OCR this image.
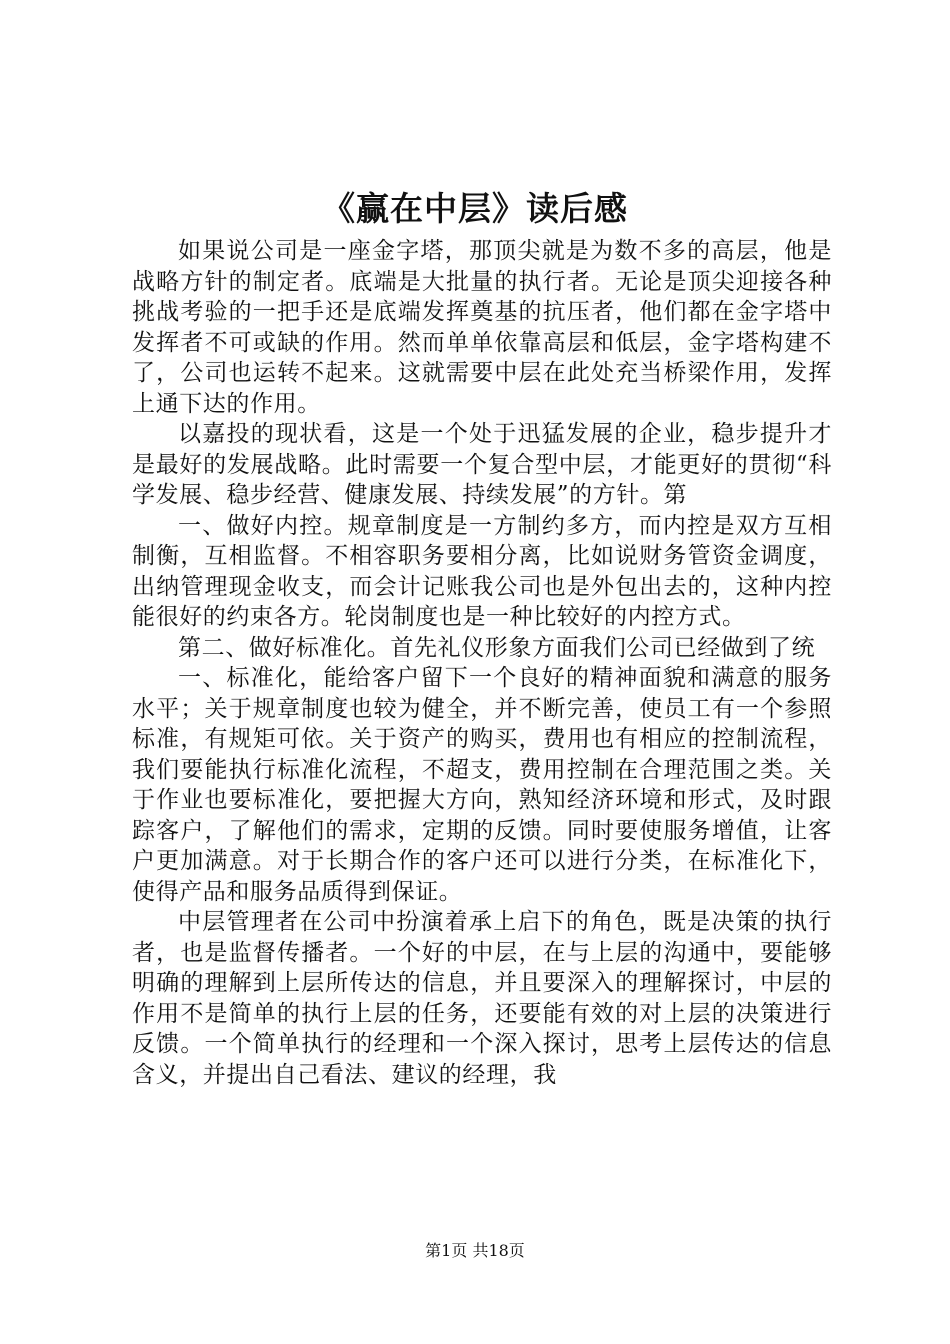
《赢在中层》读后感

如果说公司是一座金字塔，那顶尖就是为数不多的高层，他是战略方针的制定者。底端是大批量的执行者。无论是顶尖迎接各种挑战考验的一把手还是底端发挥奠基的抗压者，他们都在金字塔中发挥者不可或缺的作用。然而单单依靠高层和低层，金字塔构建不了，公司也运转不起来。这就需要中层在此处充当桥梁作用，发挥上通下达的作用。

以嘉投的现状看，这是一个处于迅猛发展的企业，稳步提升才是最好的发展战略。此时需要一个复合型中层，才能更好的贯彻“科学发展、稳步经营、健康发展、持续发展”的方针。第

一、做好内控。规章制度是一方制约多方，而内控是双方互相制衡，互相监督。不相容职务要相分离，比如说财务管资金调度，出纳管理现金收支，而会计记账我公司也是外包出去的，这种内控能很好的约束各方。轮岗制度也是一种比较好的内控方式。

第二、做好标准化。首先礼仪形象方面我们公司已经做到了统

一、标准化，能给客户留下一个良好的精神面貌和满意的服务水平；关于规章制度也较为健全，并不断完善，使员工有一个参照标准，有规矩可依。关于资产的购买，费用也有相应的控制流程，我们要能执行标准化流程，不超支，费用控制在合理范围之类。关于作业也要标准化，要把握大方向，熟知经济环境和形式，及时跟踪客户，了解他们的需求，定期的反馈。同时要使服务增值，让客户更加满意。对于长期合作的客户还可以进行分类，在标准化下，使得产品和服务品质得到保证。

中层管理者在公司中扮演着承上启下的角色，既是决策的执行者，也是监督传播者。一个好的中层，在与上层的沟通中，要能够明确的理解到上层所传达的信息，并且要深入的理解探讨，中层的作用不是简单的执行上层的任务，还要能有效的对上层的决策进行反馈。一个简单执行的经理和一个深入探讨，思考上层传达的信息含义，并提出自己看法、建议的经理，我

第1页 共18页
